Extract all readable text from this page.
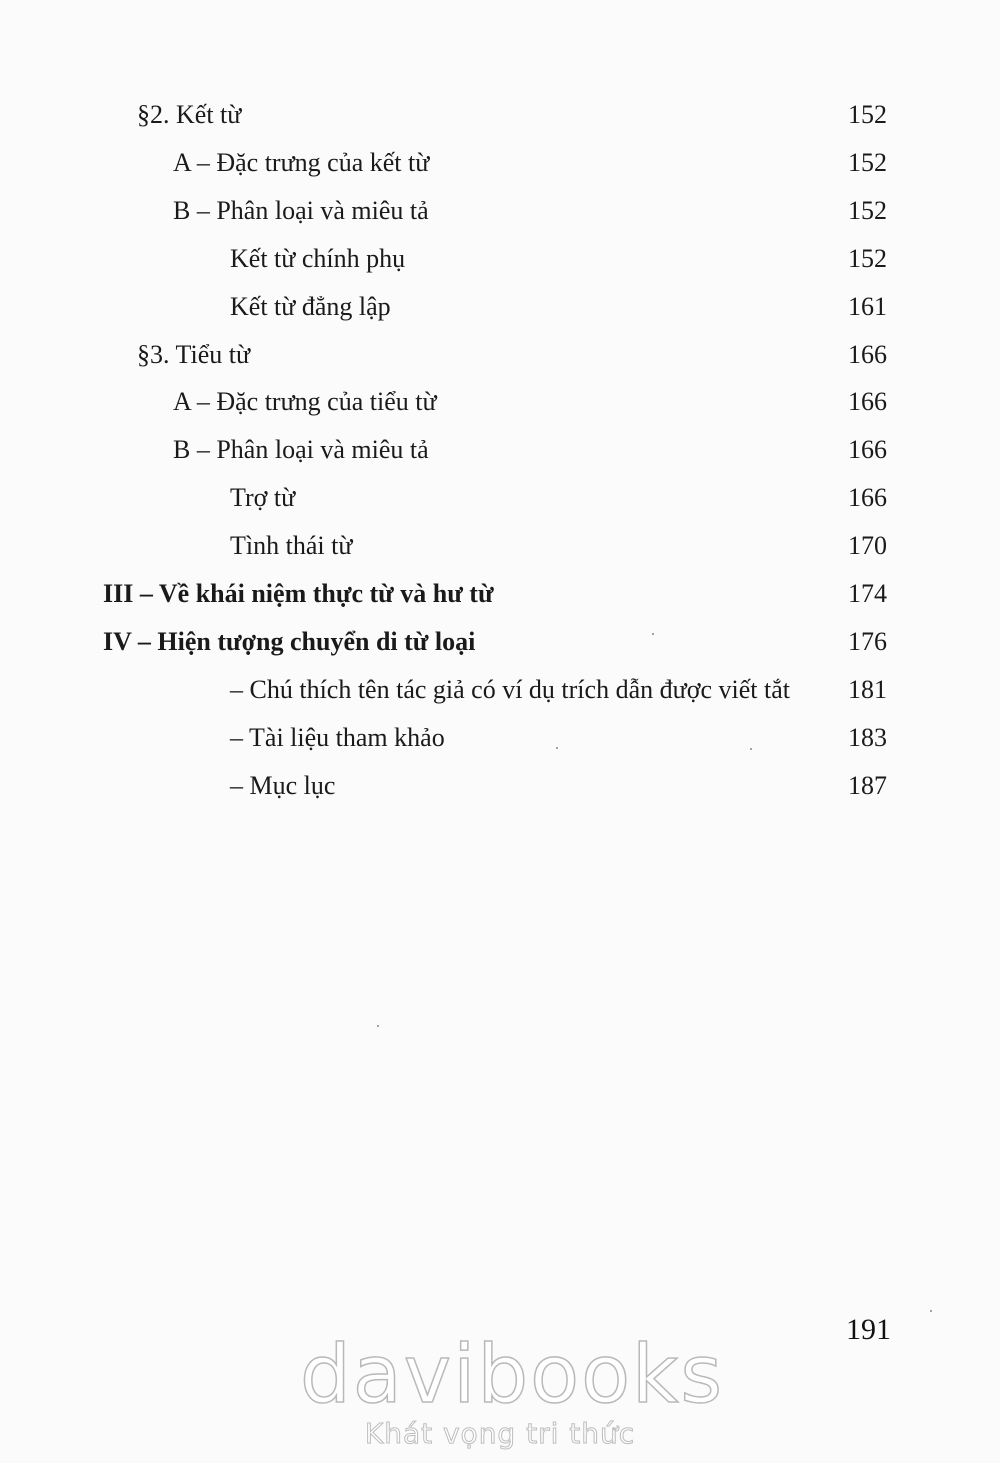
§2. Kết từ	152
A – Đặc trưng của kết từ	152
B – Phân loại và miêu tả	152
Kết từ chính phụ	152
Kết từ đẳng lập	161
§3. Tiểu từ	166
A – Đặc trưng của tiểu từ	166
B – Phân loại và miêu tả	166
Trợ từ	166
Tình thái từ	170
III – Về khái niệm thực từ và hư từ	174
IV – Hiện tượng chuyển di từ loại	176
– Chú thích tên tác giả có ví dụ trích dẫn được viết tắt 181
– Tài liệu tham khảo	183
– Mục lục	187
191
davibooks
Khát vọng tri thức
